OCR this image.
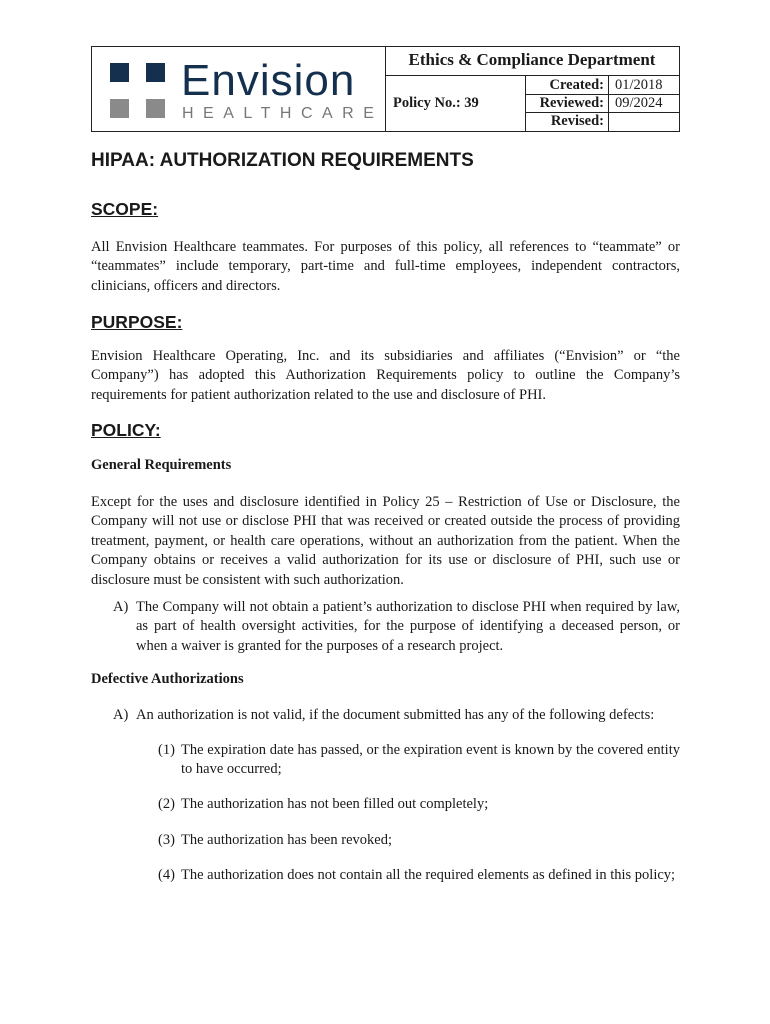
Envision
HEALTHCARE
Ethics & Compliance Department
Policy No.: 39
Created: 01/2018
Reviewed: 09/2024
Revised:
HIPAA: AUTHORIZATION REQUIREMENTS
SCOPE:

All Envision Healthcare teammates. For purposes of this policy, all references to “teammate” or “teammates” include temporary, part-time and full-time employees, independent contractors, clinicians, officers and directors.

PURPOSE:

Envision Healthcare Operating, Inc. and its subsidiaries and affiliates (“Envision” or “the Company”) has adopted this Authorization Requirements policy to outline the Company’s requirements for patient authorization related to the use and disclosure of PHI.

POLICY:
General Requirements

Except for the uses and disclosure identified in Policy 25 – Restriction of Use or Disclosure, the Company will not use or disclose PHI that was received or created outside the process of providing treatment, payment, or health care operations, without an authorization from the patient. When the Company obtains or receives a valid authorization for its use or disclosure of PHI, such use or disclosure must be consistent with such authorization.

A) The Company will not obtain a patient’s authorization to disclose PHI when required by law, as part of health oversight activities, for the purpose of identifying a deceased person, or when a waiver is granted for the purposes of a research project.
Defective Authorizations
A) An authorization is not valid, if the document submitted has any of the following defects:
(1) The expiration date has passed, or the expiration event is known by the covered entity to have occurred;
(2) The authorization has not been filled out completely;
(3) The authorization has been revoked;
(4) The authorization does not contain all the required elements as defined in this policy;
